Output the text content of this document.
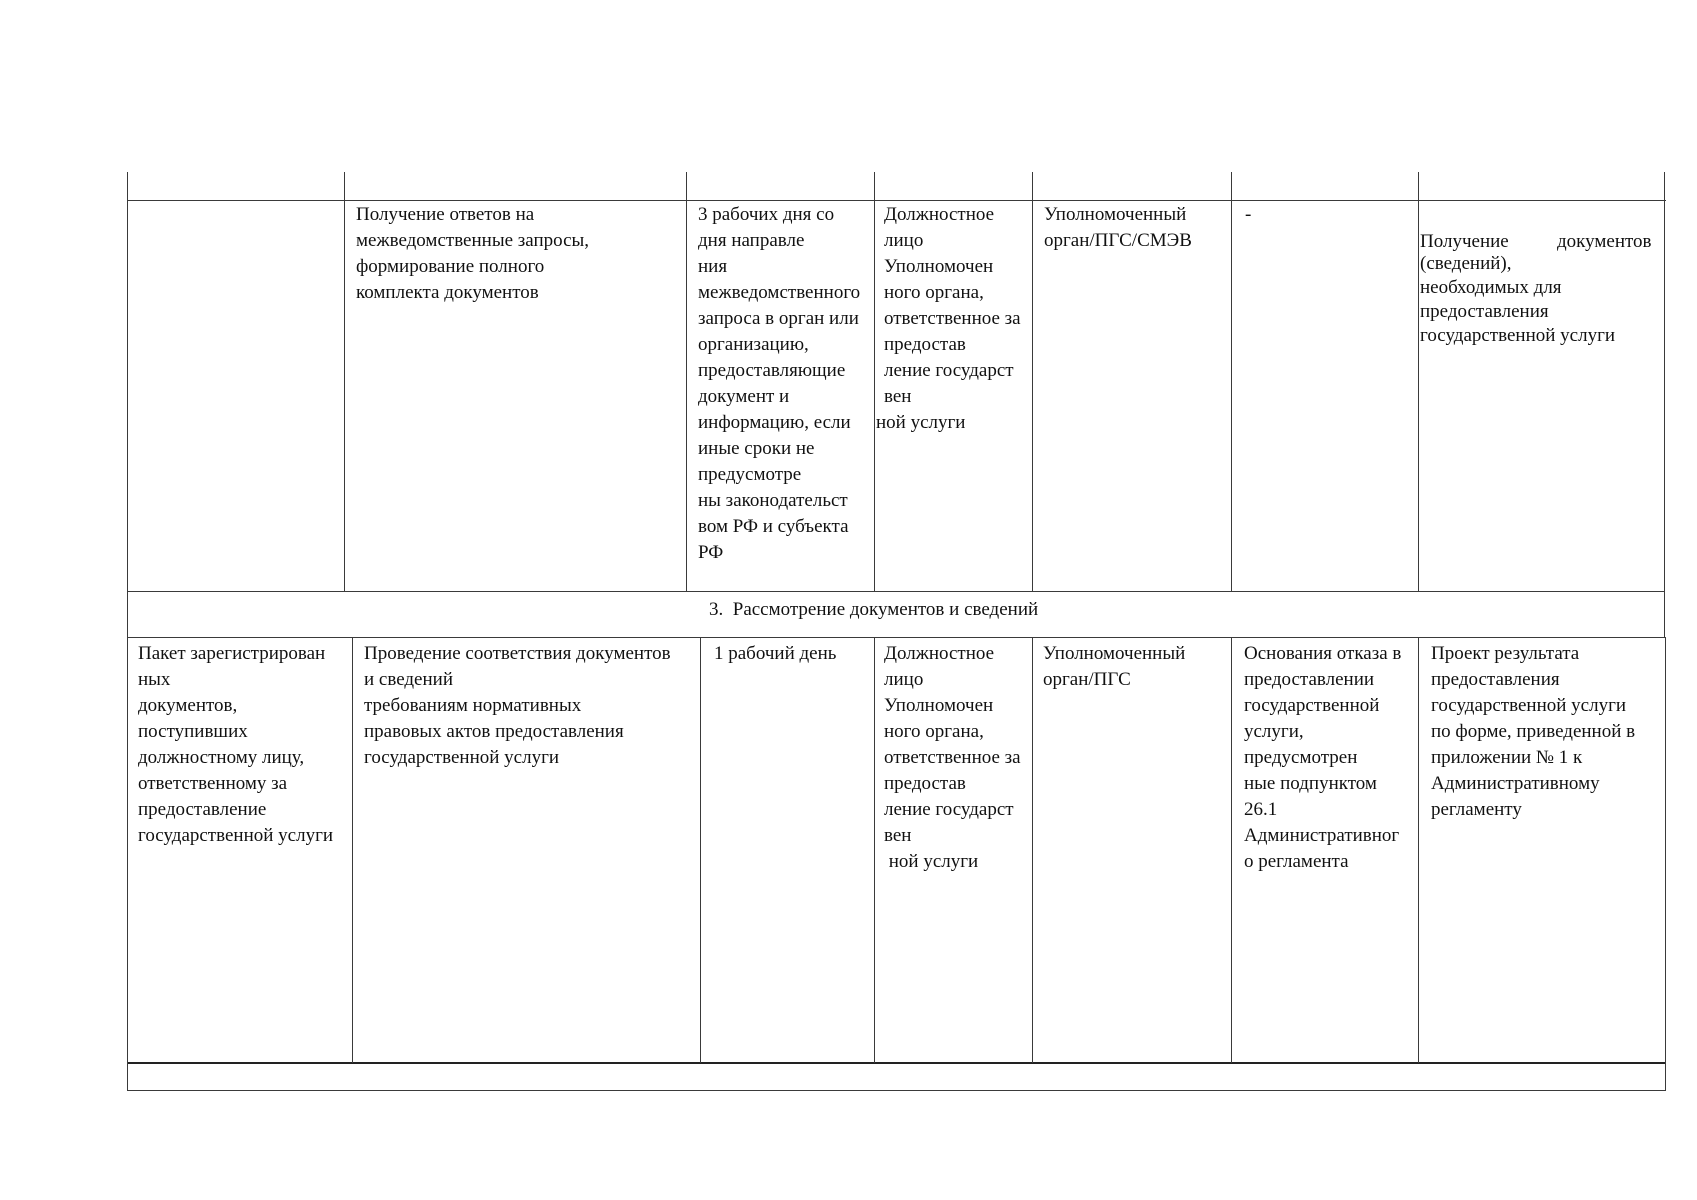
Получение ответов на
межведомственные запросы,
формирование полного
комплекта документов
3 рабочих дня со
дня направле
ния
межведомственного
запроса в орган или
организацию,
предоставляющие
документ и
информацию, если
иные сроки не
предусмотре
ны законодательст
вом РФ и субъекта
РФ
Должностное
лицо
Уполномочен
ного органа,
ответственное за
предостав
ление государст
вен
ной услуги
Уполномоченный
орган/ПГС/СМЭВ
-
Получение	документов
(сведений),
необходимых для
предоставления
государственной услуги
3.  Рассмотрение документов и сведений
Пакет зарегистрирован
ных
документов,
поступивших
должностному лицу,
ответственному за
предоставление
государственной услуги
Проведение соответствия документов
и сведений
требованиям нормативных
правовых актов предоставления
государственной услуги
1 рабочий день	Должностное
лицо
Уполномочен
ного органа,
ответственное за
предостав
ление государст
вен
ной услуги
Уполномоченный
орган/ПГС
Основания отказа в
предоставлении
государственной
услуги,
предусмотрен
ные подпунктом
26.1
Административног
о регламента
Проект результата
предоставления
государственной услуги
по форме, приведенной в
приложении № 1 к
Административному
регламенту
